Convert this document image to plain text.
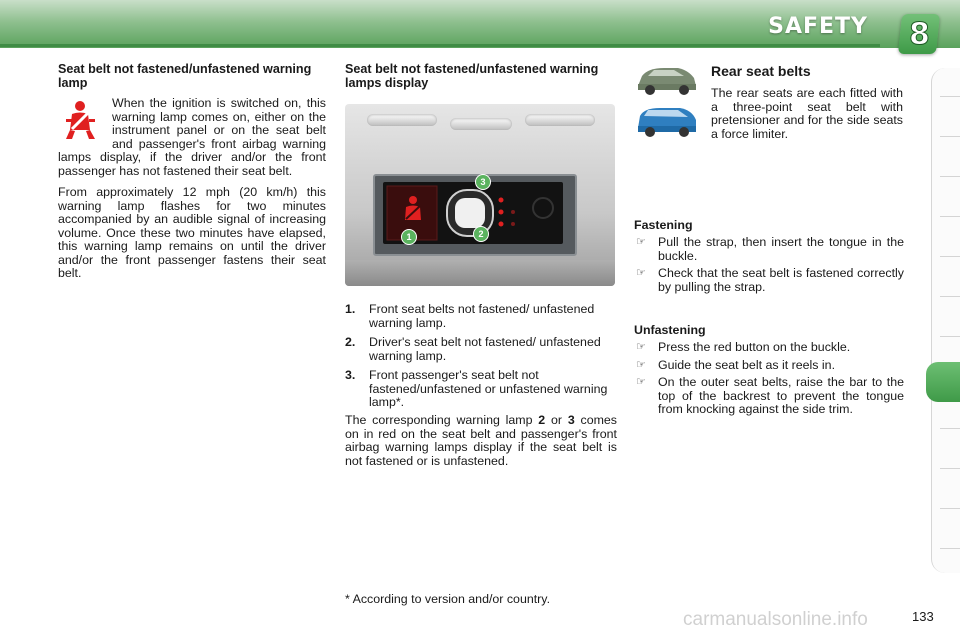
SAFETY 8
Seat belt not fastened/unfastened warning lamp

When the ignition is switched on, this warning lamp comes on, either on the instrument panel or on the seat belt and passenger's front airbag warning lamps display, if the driver and/or the front passenger has not fastened their seat belt.

From approximately 12 mph (20 km/h) this warning lamp flashes for two minutes accompanied by an audible signal of increasing volume. Once these two minutes have elapsed, this warning lamp remains on until the driver and/or the front passenger fastens their seat belt.

Seat belt not fastened/unfastened warning lamps display
3
1	2
1.	Front seat belts not fastened/ unfastened warning lamp.
2.	Driver's seat belt not fastened/ unfastened warning lamp.
3.	Front passenger's seat belt not fastened/unfastened or unfastened warning lamp*.

The corresponding warning lamp 2 or 3 comes on in red on the seat belt and passenger's front airbag warning lamps display if the seat belt is not fastened or is unfastened.

* According to version and/or country.
Rear seat belts

The rear seats are each fitted with a three-point seat belt with pretensioner and for the side seats a force limiter.

Fastening
☞ Pull the strap, then insert the tongue in the buckle.
☞ Check that the seat belt is fastened correctly by pulling the strap.
Unfastening
☞ Press the red button on the buckle.
☞ Guide the seat belt as it reels in.
☞ On the outer seat belts, raise the bar to the top of the backrest to prevent the tongue from knocking against the side trim.
carmanualsonline.info	133
